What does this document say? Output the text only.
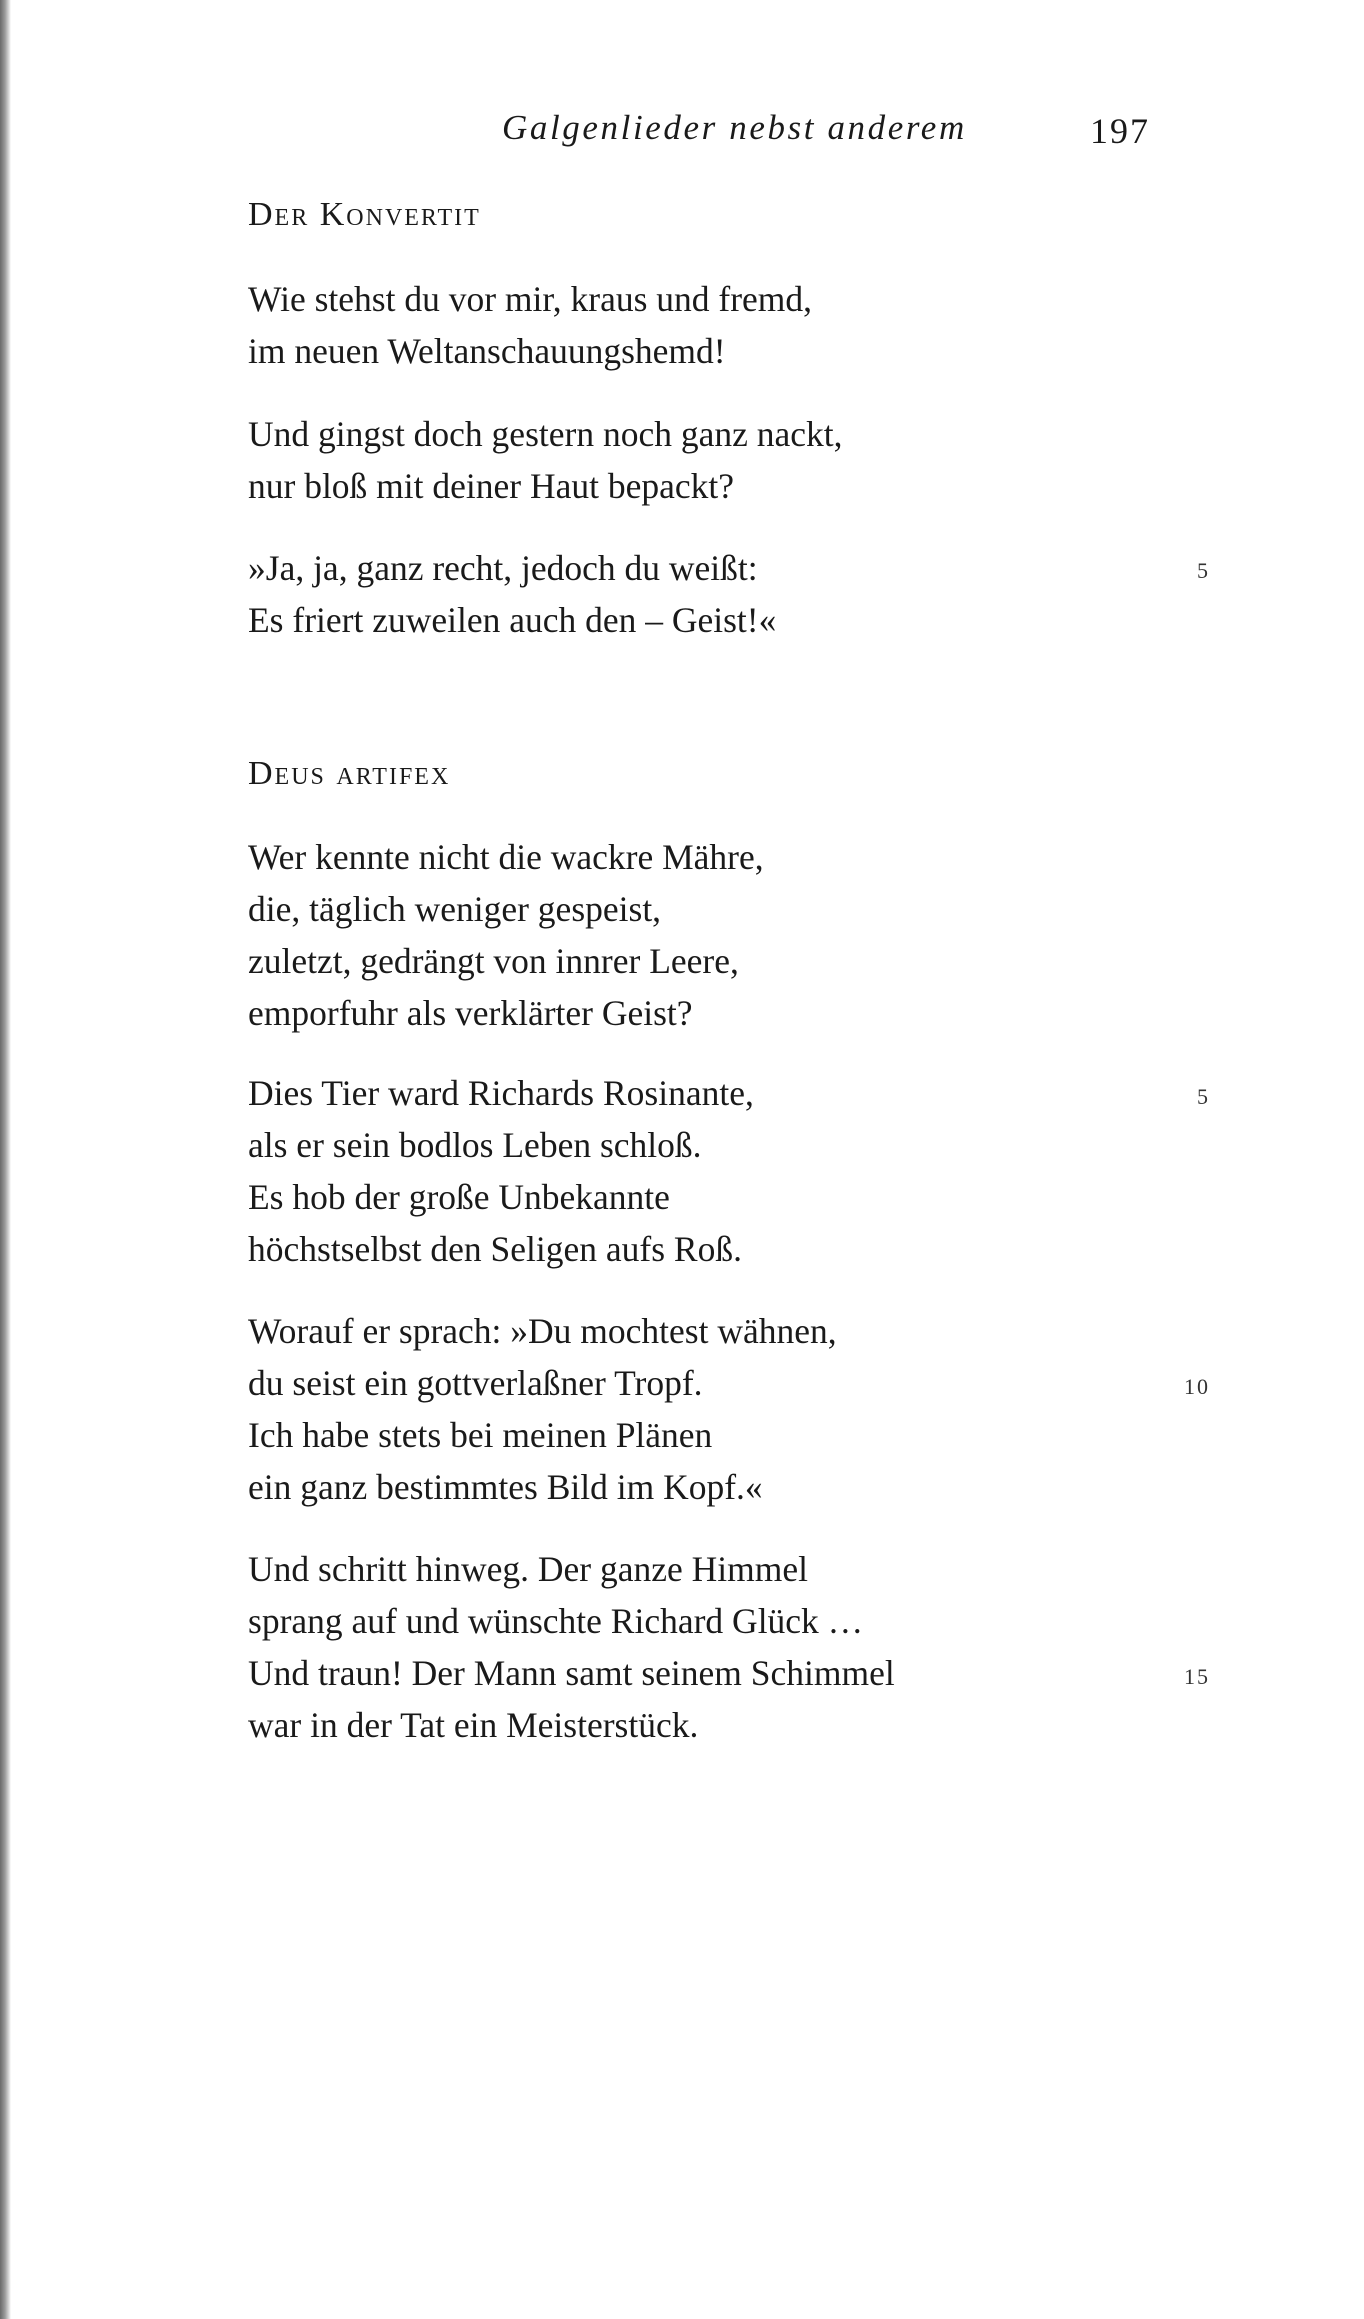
Galgenlieder nebst anderem	197
Der Konvertit
Wie stehst du vor mir, kraus und fremd,
im neuen Weltanschauungshemd!
Und gingst doch gestern noch ganz nackt,
nur bloß mit deiner Haut bepackt?
»Ja, ja, ganz recht, jedoch du weißt:	5
Es friert zuweilen auch den – Geist!«
Deus artifex
Wer kennte nicht die wackre Mähre,
die, täglich weniger gespeist,
zuletzt, gedrängt von innrer Leere,
emporfuhr als verklärter Geist?
Dies Tier ward Richards Rosinante,	5
als er sein bodlos Leben schloß.
Es hob der große Unbekannte
höchstselbst den Seligen aufs Roß.
Worauf er sprach: »Du mochtest wähnen,
du seist ein gottverlaßner Tropf.	10
Ich habe stets bei meinen Plänen
ein ganz bestimmtes Bild im Kopf.«
Und schritt hinweg. Der ganze Himmel
sprang auf und wünschte Richard Glück …
Und traun! Der Mann samt seinem Schimmel	15
war in der Tat ein Meisterstück.
